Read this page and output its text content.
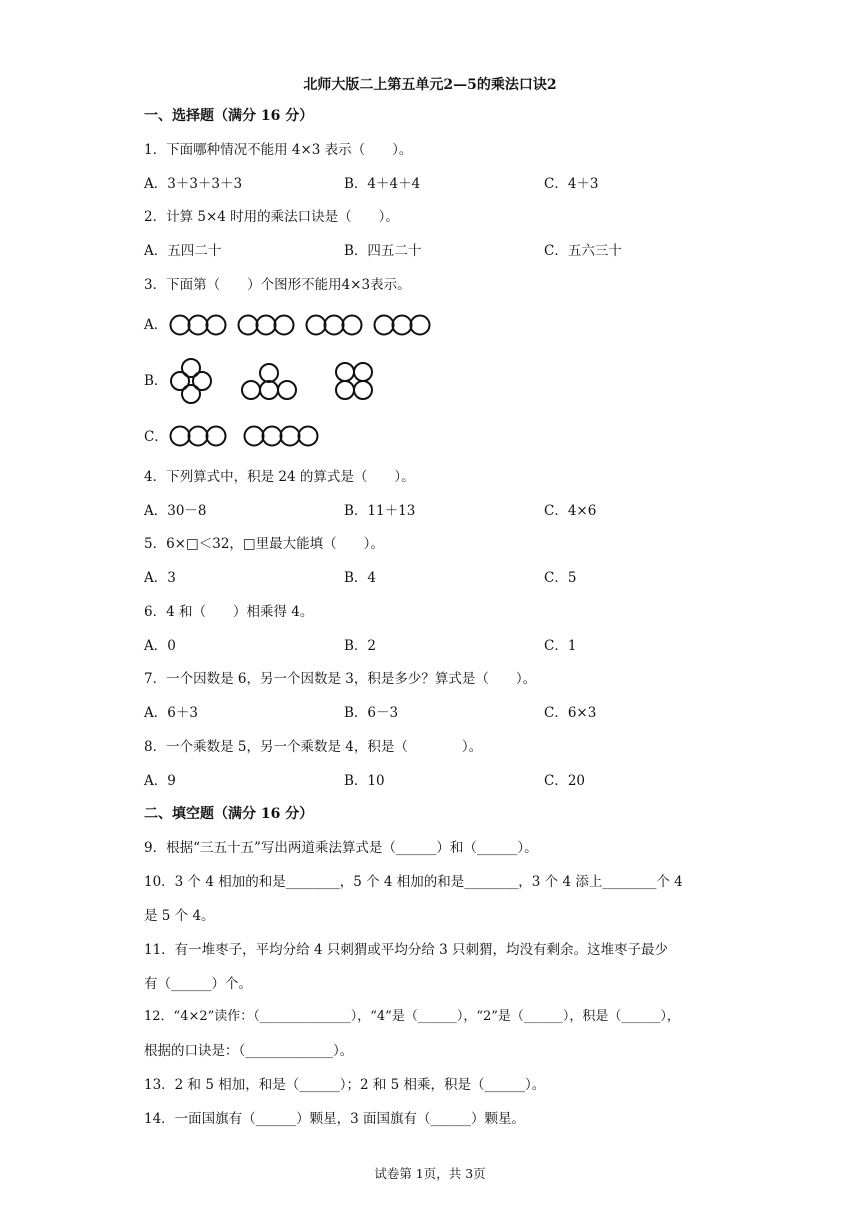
北师大版二上第五单元2—5的乘法口诀2
一、选择题（满分 16 分）
1．下面哪种情况不能用 4×3 表示（　　）。
A．3＋3＋3＋3	B．4＋4＋4	C．4＋3
2．计算 5×4 时用的乘法口诀是（　　）。
A．五四二十	B．四五二十	C．五六三十
3．下面第（　　）个图形不能用4×3表示。
A．
B．
C．
4．下列算式中，积是 24 的算式是（　　）。
A．30－8	B．11＋13	C．4×6
5．6×□＜32，□里最大能填（　　）。
A．3	B．4	C．5
6．4 和（　　）相乘得 4。
A．0	B．2	C．1
7．一个因数是 6，另一个因数是 3，积是多少？算式是（　　）。
A．6＋3	B．6－3	C．6×3
8．一个乘数是 5，另一个乘数是 4，积是（　　　　）。
A．9	B．10	C．20
二、填空题（满分 16 分）
9．根据“三五十五”写出两道乘法算式是（______）和（______）。
10．3 个 4 相加的和是________，5 个 4 相加的和是________，3 个 4 添上________个 4
是 5 个 4。
11．有一堆枣子，平均分给 4 只刺猬或平均分给 3 只刺猬，均没有剩余。这堆枣子最少
有（______）个。
12．“4×2”读作：（______________），“4”是（______），“2”是（______），积是（______），
根据的口诀是：（_____________）。
13．2 和 5 相加，和是（______）；2 和 5 相乘，积是（______）。
14．一面国旗有（______）颗星，3 面国旗有（______）颗星。
试卷第 1页，共 3页
